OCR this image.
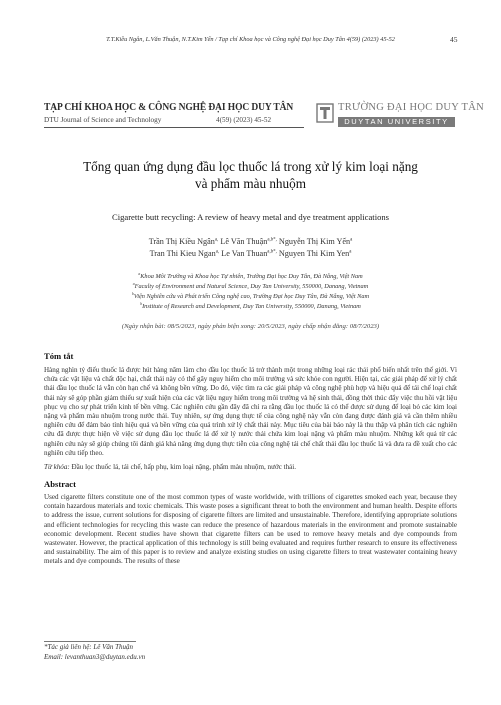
T.T.Kiều Ngân, L.Văn Thuận, N.T.Kim Yến / Tạp chí Khoa học và Công nghệ Đại học Duy Tân 4(59) (2023) 45-52	45
TẠP CHÍ KHOA HỌC & CÔNG NGHỆ ĐẠI HỌC DUY TÂN
DTU Journal of Science and Technology	4(59) (2023) 45-52
TRƯỜNG ĐẠI HỌC DUY TÂN
DUYTAN UNIVERSITY
Tổng quan ứng dụng đầu lọc thuốc lá trong xử lý kim loại nặng
và phẩm màu nhuộm
Cigarette butt recycling: A review of heavy metal and dye treatment applications
Trần Thị Kiều Ngân$^{a,}$ Lê Văn Thuận$^{a,b*,}$ Nguyễn Thị Kim Yến$^a$
Tran Thi Kieu Ngan$^{a,}$ Le Van Thuan$^{a,b*,}$ Nguyen Thi Kim Yen$^a$
$^a$Khoa Môi Trường và Khoa học Tự nhiên, Trường Đại học Duy Tân, Đà Nẵng, Việt Nam
$^a$Faculty of Environment and Natural Science, Duy Tan University, 550000, Danang, Vietnam
$^b$Viện Nghiên cứu và Phát triển Công nghệ cao, Trường Đại học Duy Tân, Đà Nẵng, Việt Nam
$^b$Institute of Research and Development, Duy Tan University, 550000, Danang, Vietnam
(Ngày nhận bài: 08/5/2023, ngày phản biện xong: 20/5/2023, ngày chấp nhận đăng: 08/7/2023)
Tóm tắt
Hàng nghìn tỷ điếu thuốc lá được hút hàng năm làm cho đầu lọc thuốc lá trở thành một trong những loại rác thải phổ biến nhất trên thế giới. Vì chứa các vật liệu và chất độc hại, chất thải này có thể gây nguy hiểm cho môi trường và sức khỏe con người. Hiện tại, các giải pháp để xử lý chất thải đầu lọc thuốc lá vẫn còn hạn chế và không bền vững. Do đó, việc tìm ra các giải pháp và công nghệ phù hợp và hiệu quả để tái chế loại chất thải này sẽ góp phần giảm thiểu sự xuất hiện của các vật liệu nguy hiểm trong môi trường và hệ sinh thái, đồng thời thúc đẩy việc thu hồi vật liệu phục vụ cho sự phát triển kinh tế bền vững. Các nghiên cứu gần đây đã chỉ ra rằng đầu lọc thuốc lá có thể được sử dụng để loại bỏ các kim loại nặng và phẩm màu nhuộm trong nước thải. Tuy nhiên, sự ứng dụng thực tế của công nghệ này vẫn còn đang được đánh giá và cần thêm nhiều nghiên cứu để đảm bảo tính hiệu quả và bền vững của quá trình xử lý chất thải này. Mục tiêu của bài báo này là thu thập và phân tích các nghiên cứu đã được thực hiện về việc sử dụng đầu lọc thuốc lá để xử lý nước thải chứa kim loại nặng và phẩm màu nhuộm. Những kết quả từ các nghiên cứu này sẽ giúp chúng tôi đánh giá khả năng ứng dụng thực tiễn của công nghệ tái chế chất thải đầu lọc thuốc lá và đưa ra đề xuất cho các nghiên cứu tiếp theo.
Từ khóa: Đầu lọc thuốc lá, tái chế, hấp phụ, kim loại nặng, phẩm màu nhuộm, nước thải.
Abstract
Used cigarette filters constitute one of the most common types of waste worldwide, with trillions of cigarettes smoked each year, because they contain hazardous materials and toxic chemicals. This waste poses a significant threat to both the environment and human health. Despite efforts to address the issue, current solutions for disposing of cigarette filters are limited and unsustainable. Therefore, identifying appropriate solutions and efficient technologies for recycling this waste can reduce the presence of hazardous materials in the environment and promote sustainable economic development. Recent studies have shown that cigarette filters can be used to remove heavy metals and dye compounds from wastewater. However, the practical application of this technology is still being evaluated and requires further research to ensure its effectiveness and sustainability. The aim of this paper is to review and analyze existing studies on using cigarette filters to treat wastewater containing heavy metals and dye compounds. The results of these
*Tác giả liên hệ: Lê Văn Thuận
Email: levanthuan3@duytan.edu.vn
